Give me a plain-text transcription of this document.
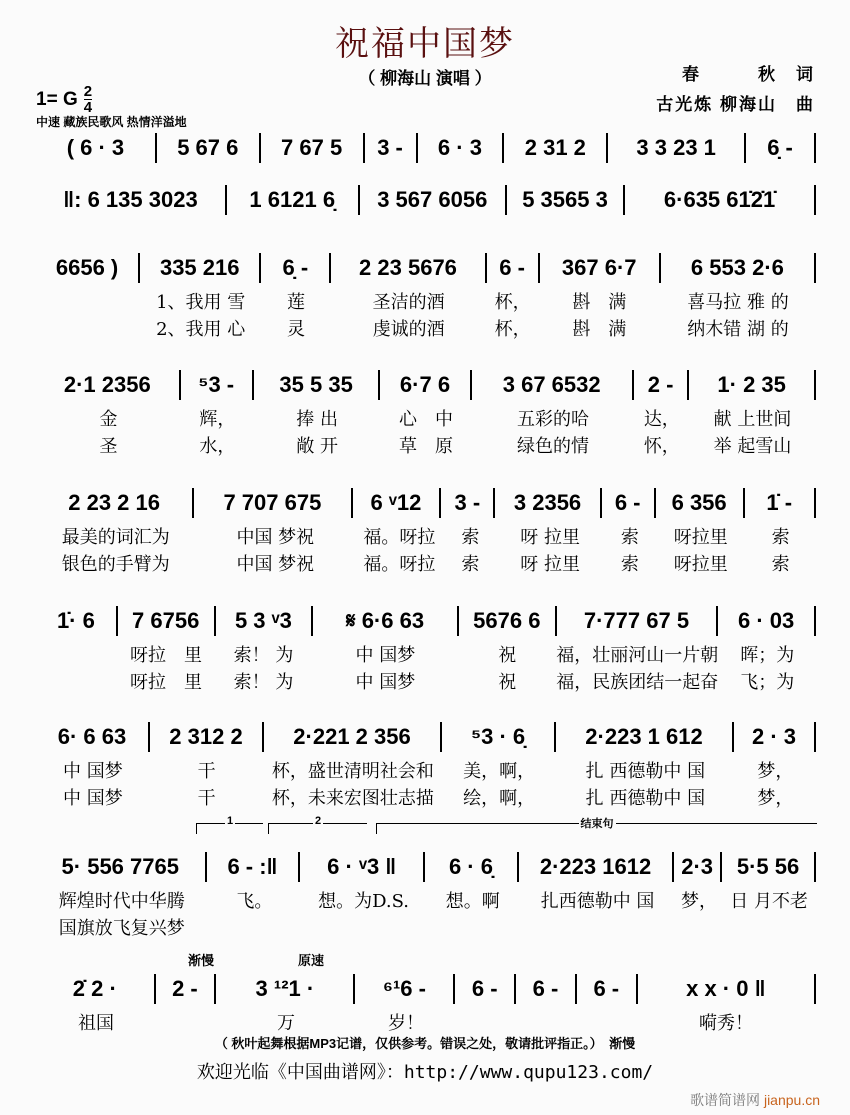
祝福中国梦
（ 柳海山 演唱 ）	春　　　秋　词
古光炼 柳海山　曲
1= G $\frac{2}{4}$
中速 藏族民歌风 热情洋溢地
( 6 · 3	5 67 6	7 67 5	3 -	6 · 3	2 31 2	3 3 23 1	6̣ -
‖: 6 135 3023	1 6121 6̣	3 567 6056	5 3565 3	6·635 61̇2̇1̇
6656 )	335 216	6̣ -	2 23 5676	6 -	367 6·7	6 553 2·6
1、我用 雪	莲	圣洁的酒	杯，	斟　满	喜马拉 雅 的
2、我用 心	灵	虔诚的酒	杯，	斟　满	纳木错 湖 的
2·1 2356	⁵3 -	35 5 35	6·7 6	3 67 6532	2 -	1· 2 35
金	辉，	捧 出	心　中	五彩的哈	达，	献 上世间
圣	水，	敞 开	草　原	绿色的情	怀，	举 起雪山
2 23 2 16	7 707 675	6 ᵛ12	3 -	3 2356	6 -	6 356	1̇ -
最美的词汇为	中国 梦祝	福。呀拉	索	呀 拉里	索	呀拉里	索
银色的手臂为	中国 梦祝	福。呀拉	索	呀 拉里	索	呀拉里	索
1̇· 6	7 6756	5 3 ᵛ3	𝄋 6·6 63	5676 6	7·777 67 5	6 · 03
呀拉　里	索！ 为	中 国梦	祝	福，壮丽河山一片朝	晖；为
呀拉　里	索！ 为	中 国梦	祝	福，民族团结一起奋	飞；为
6· 6 63	2 312 2	2·221 2 356	⁵3 · 6̣	2·223 1 612	2 · 3
中 国梦	干	杯，盛世清明社会和	美，啊，	扎 西德勒中 国	梦，
中 国梦	干	杯，未来宏图壮志描	绘，啊，	扎 西德勒中 国	梦，
5· 556 7765	6 - :‖	6 · ᵛ3 ‖	6 · 6̣	2·223 1612	2·3	5·5 56
辉煌时代中华腾	飞。	想。为D.S.	想。啊	扎西德勒中 国	梦， 日 月不老
国旗放飞复兴梦
2̇ 2 ·	2 -	3 ¹²1 ·	⁶¹6 -	6 -	6 -	6 -	x x · 0 ‖
祖国	万	岁！	嗬秀！
1	2	结束句
渐慢	原速
（ 秋叶起舞根据MP3记谱，仅供参考。错误之处，敬请批评指正。）　 渐慢
欢迎光临《中国曲谱网》：http://www.qupu123.com/
歌谱简谱网 jianpu.cn
